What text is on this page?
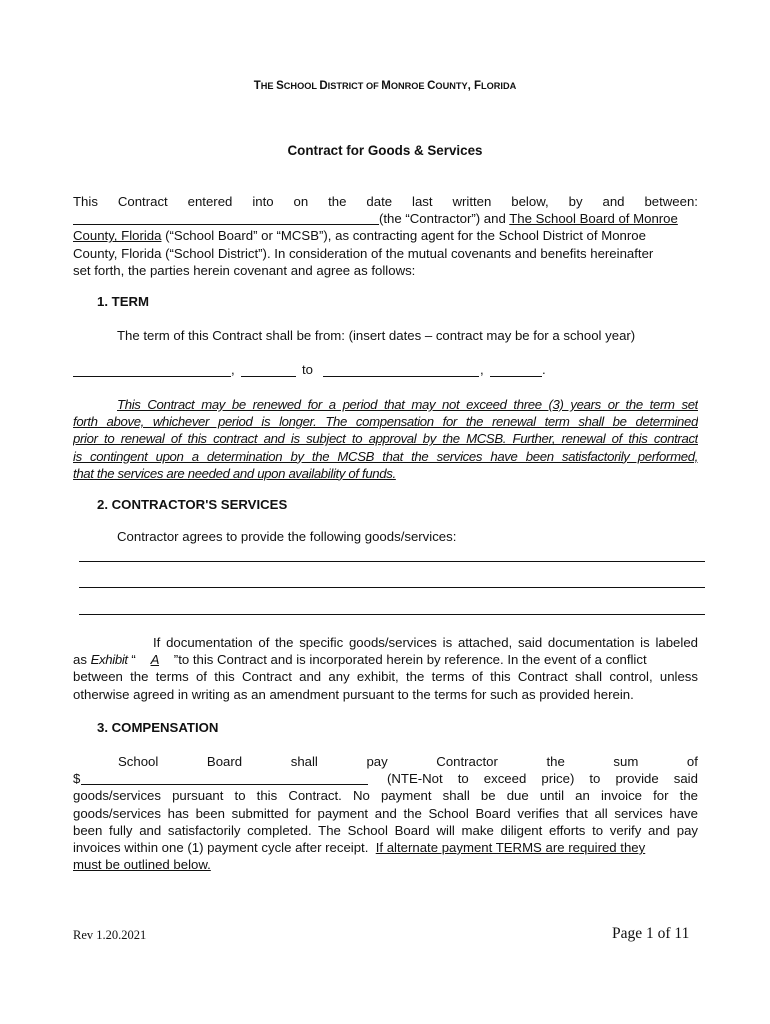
THE SCHOOL DISTRICT OF MONROE COUNTY, FLORIDA
Contract for Goods & Services
This Contract entered into on the date last written below, by and between:
(the “Contractor”) and The School Board of Monroe
County, Florida (“School Board” or “MCSB”), as contracting agent for the School District of Monroe
County, Florida (“School District”). In consideration of the mutual covenants and benefits hereinafter
set forth, the parties herein covenant and agree as follows:
1. TERM
The term of this Contract shall be from: (insert dates – contract may be for a school year)
,	to	,	.
This Contract may be renewed for a period that may not exceed three (3) years or the term set
forth above, whichever period is longer. The compensation for the renewal term shall be determined
prior to renewal of this contract and is subject to approval by the MCSB. Further, renewal of this contract
is contingent upon a determination by the MCSB that the services have been satisfactorily performed,
that the services are needed and upon availability of funds.
2. CONTRACTOR'S SERVICES
Contractor agrees to provide the following goods/services:
If documentation of the specific goods/services is attached, said documentation is labeled
as Exhibit “ A ”to this Contract and is incorporated herein by reference. In the event of a conflict
between the terms of this Contract and any exhibit, the terms of this Contract shall control, unless
otherwise agreed in writing as an amendment pursuant to the terms for such as provided herein.
3. COMPENSATION
School	Board	shall	pay	Contractor	the	sum	of
$	(NTE-Not to exceed price) to provide said
goods/services pursuant to this Contract. No payment shall be due until an invoice for the
goods/services has been submitted for payment and the School Board verifies that all services have
been fully and satisfactorily completed. The School Board will make diligent efforts to verify and pay
invoices within one (1) payment cycle after receipt.  If alternate payment TERMS are required they
must be outlined below.
Rev 1.20.2021	Page 1 of 11
